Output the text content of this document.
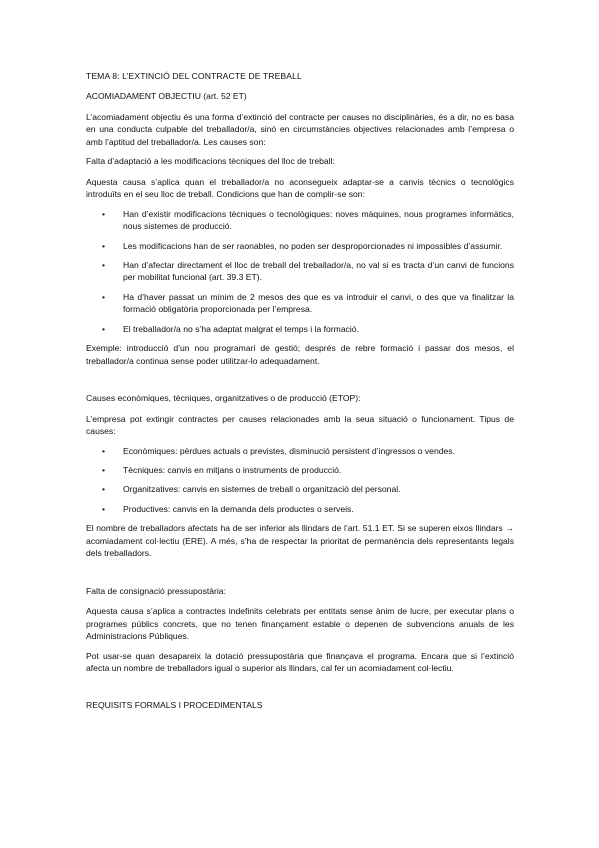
TEMA 8: L’EXTINCIÓ DEL CONTRACTE DE TREBALL

ACOMIADAMENT OBJECTIU (art. 52 ET)

L’acomiadament objectiu és una forma d’extinció del contracte per causes no disciplinàries, és a dir, no es basa en una conducta culpable del treballador/a, sinó en circumstàncies objectives relacionades amb l’empresa o amb l’aptitud del treballador/a. Les causes son:

Falta d’adaptació a les modificacions tècniques del lloc de treball:

Aquesta causa s’aplica quan el treballador/a no aconsegueix adaptar-se a canvis tècnics o tecnològics introduïts en el seu lloc de treball. Condicions que han de complir-se son:

• Han d’existir modificacions tècniques o tecnològiques: noves màquines, nous programes informàtics, nous sistemes de producció.
• Les modificacions han de ser raonables, no poden ser desproporcionades ni impossibles d’assumir.
• Han d’afectar directament el lloc de treball del treballador/a, no val si es tracta d’un canvi de funcions per mobilitat funcional (art. 39.3 ET).
• Ha d’haver passat un mínim de 2 mesos des que es va introduir el canvi, o des que va finalitzar la formació obligatòria proporcionada per l’empresa.
• El treballador/a no s’ha adaptat malgrat el temps i la formació.

Exemple: introducció d’un nou programari de gestió; després de rebre formació i passar dos mesos, el treballador/a continua sense poder utilitzar-lo adequadament.

Causes econòmiques, tècniques, organitzatives o de producció (ETOP):

L’empresa pot extingir contractes per causes relacionades amb la seua situació o funcionament. Tipus de causes:

• Econòmiques: pèrdues actuals o previstes, disminució persistent d’ingressos o vendes.
• Tècniques: canvis en mitjans o instruments de producció.
• Organitzatives: canvis en sistemes de treball o organització del personal.
• Productives: canvis en la demanda dels productes o serveis.

El nombre de treballadors afectats ha de ser inferior als llindars de l’art. 51.1 ET. Si se superen eixos llindars → acomiadament col·lectiu (ERE). A més, s’ha de respectar la prioritat de permanència dels representants legals dels treballadors.

Falta de consignació pressupostària:

Aquesta causa s’aplica a contractes indefinits celebrats per entitats sense ànim de lucre, per executar plans o programes públics concrets, que no tenen finançament estable o depenen de subvencions anuals de les Administracions Públiques.

Pot usar-se quan desapareix la dotació pressupostària que finançava el programa. Encara que si l’extinció afecta un nombre de treballadors igual o superior als llindars, cal fer un acomiadament col·lectiu.

REQUISITS FORMALS I PROCEDIMENTALS
